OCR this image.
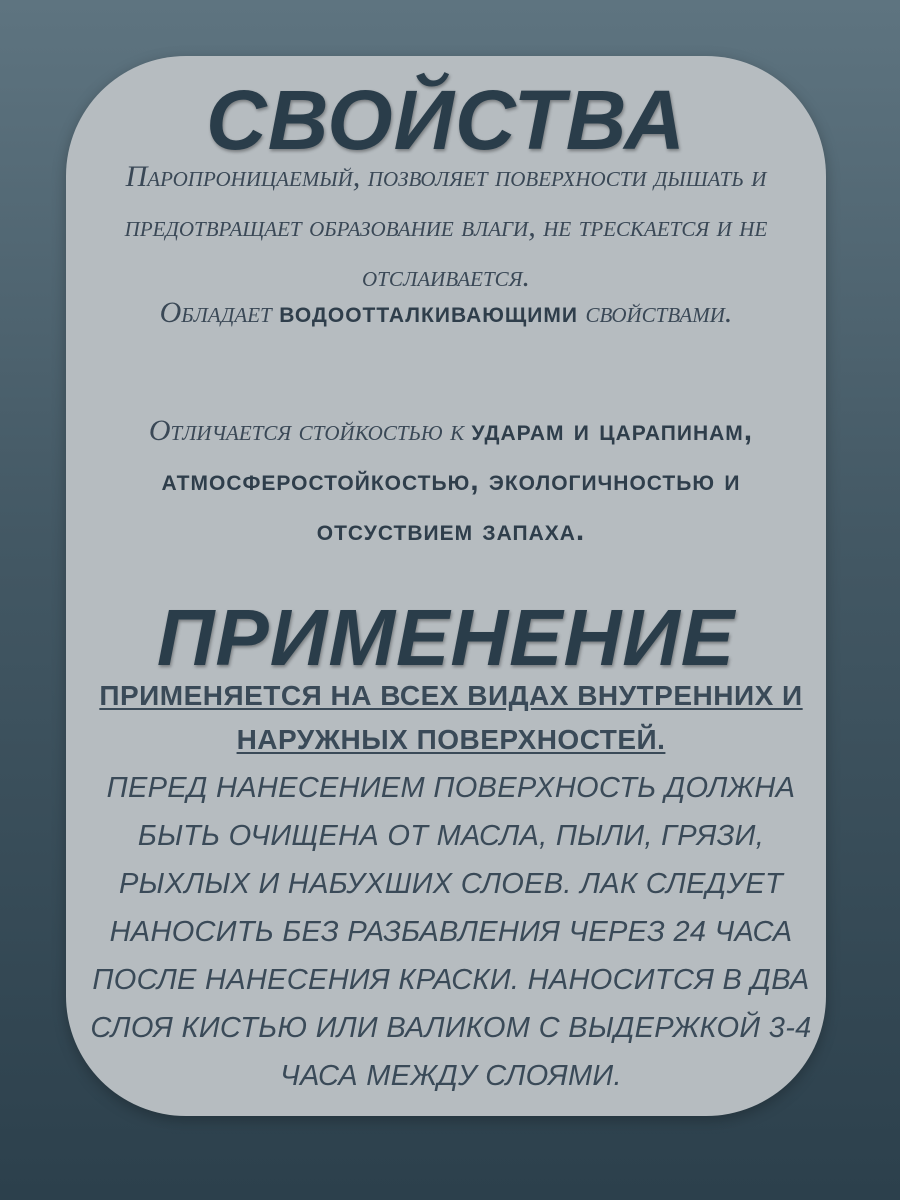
СВОЙСТВА

Паропроницаемый, позволяет поверхности дышать и предотвращает образование влаги, не трескается и не отслаивается.

Обладает водоотталкивающими свойствами.

Отличается стойкостью к ударам и царапинам, атмосферостойкостью, экологичностью и отсуствием запаха.

ПРИМЕНЕНИЕ

ПРИМЕНЯЕТСЯ НА ВСЕХ ВИДАХ ВНУТРЕННИХ И НАРУЖНЫХ ПОВЕРХНОСТЕЙ.

ПЕРЕД НАНЕСЕНИЕМ ПОВЕРХНОСТЬ ДОЛЖНА БЫТЬ ОЧИЩЕНА ОТ МАСЛА, ПЫЛИ, ГРЯЗИ, РЫХЛЫХ И НАБУХШИХ СЛОЕВ. ЛАК СЛЕДУЕТ НАНОСИТЬ БЕЗ РАЗБАВЛЕНИЯ ЧЕРЕЗ 24 ЧАСА ПОСЛЕ НАНЕСЕНИЯ КРАСКИ. НАНОСИТСЯ В ДВА СЛОЯ КИСТЬЮ ИЛИ ВАЛИКОМ С ВЫДЕРЖКОЙ 3-4 ЧАСА МЕЖДУ СЛОЯМИ.
